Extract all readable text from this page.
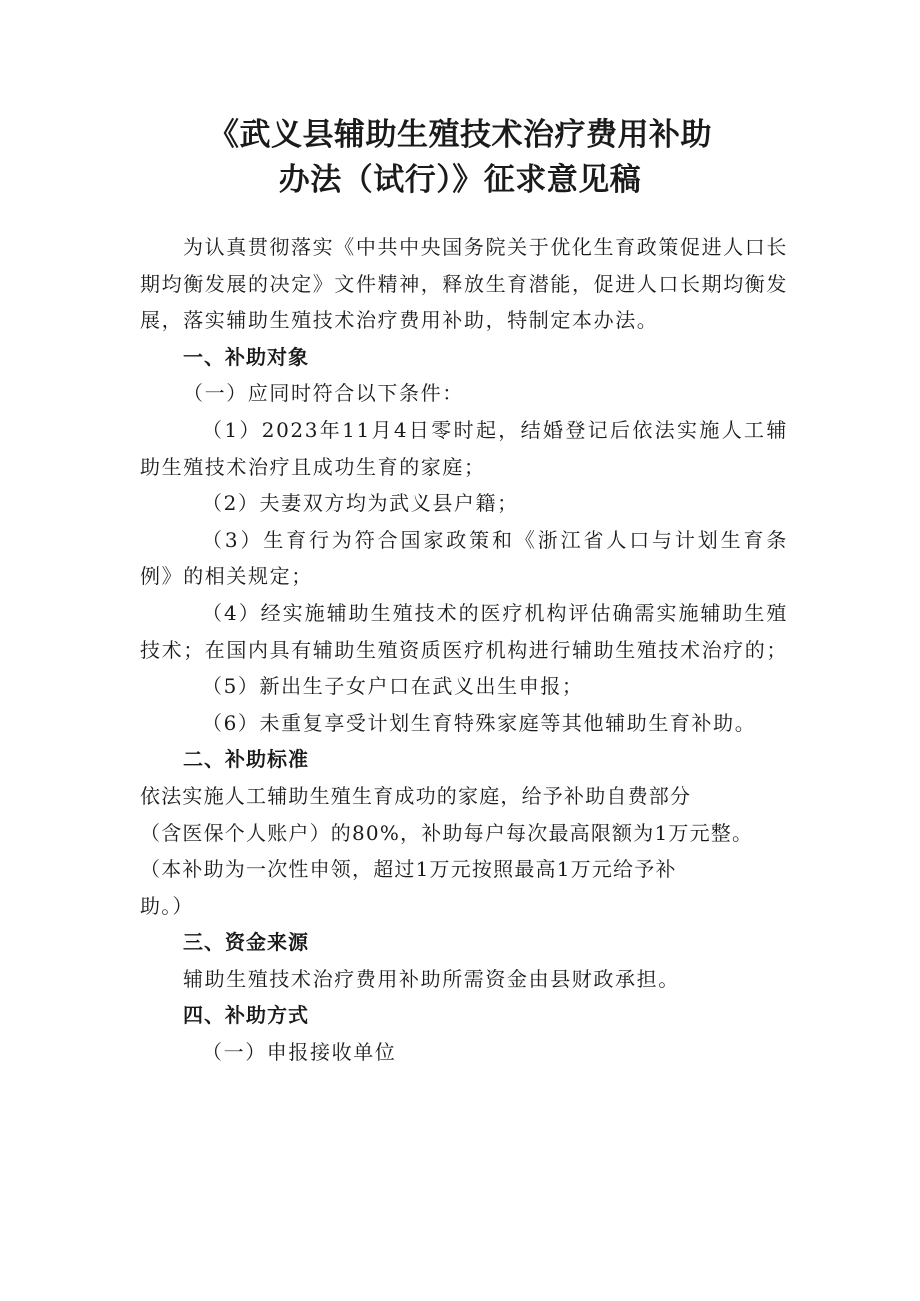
《武义县辅助生殖技术治疗费用补助
办法（试行）》征求意见稿

为认真贯彻落实《中共中央国务院关于优化生育政策促进人口长期均衡发展的决定》文件精神，释放生育潜能，促进人口长期均衡发展，落实辅助生殖技术治疗费用补助，特制定本办法。

一、补助对象

（一）应同时符合以下条件：

（1）2023年11月4日零时起，结婚登记后依法实施人工辅助生殖技术治疗且成功生育的家庭；

（2）夫妻双方均为武义县户籍；

（3）生育行为符合国家政策和《浙江省人口与计划生育条例》的相关规定；

（4）经实施辅助生殖技术的医疗机构评估确需实施辅助生殖技术；在国内具有辅助生殖资质医疗机构进行辅助生殖技术治疗的；

（5）新出生子女户口在武义出生申报；

（6）未重复享受计划生育特殊家庭等其他辅助生育补助。

二、补助标准

依法实施人工辅助生殖生育成功的家庭，给予补助自费部分

（含医保个人账户）的80%，补助每户每次最高限额为1万元整。

（本补助为一次性申领，超过1万元按照最高1万元给予补

助。）

三、资金来源

辅助生殖技术治疗费用补助所需资金由县财政承担。

四、补助方式

（一）申报接收单位
